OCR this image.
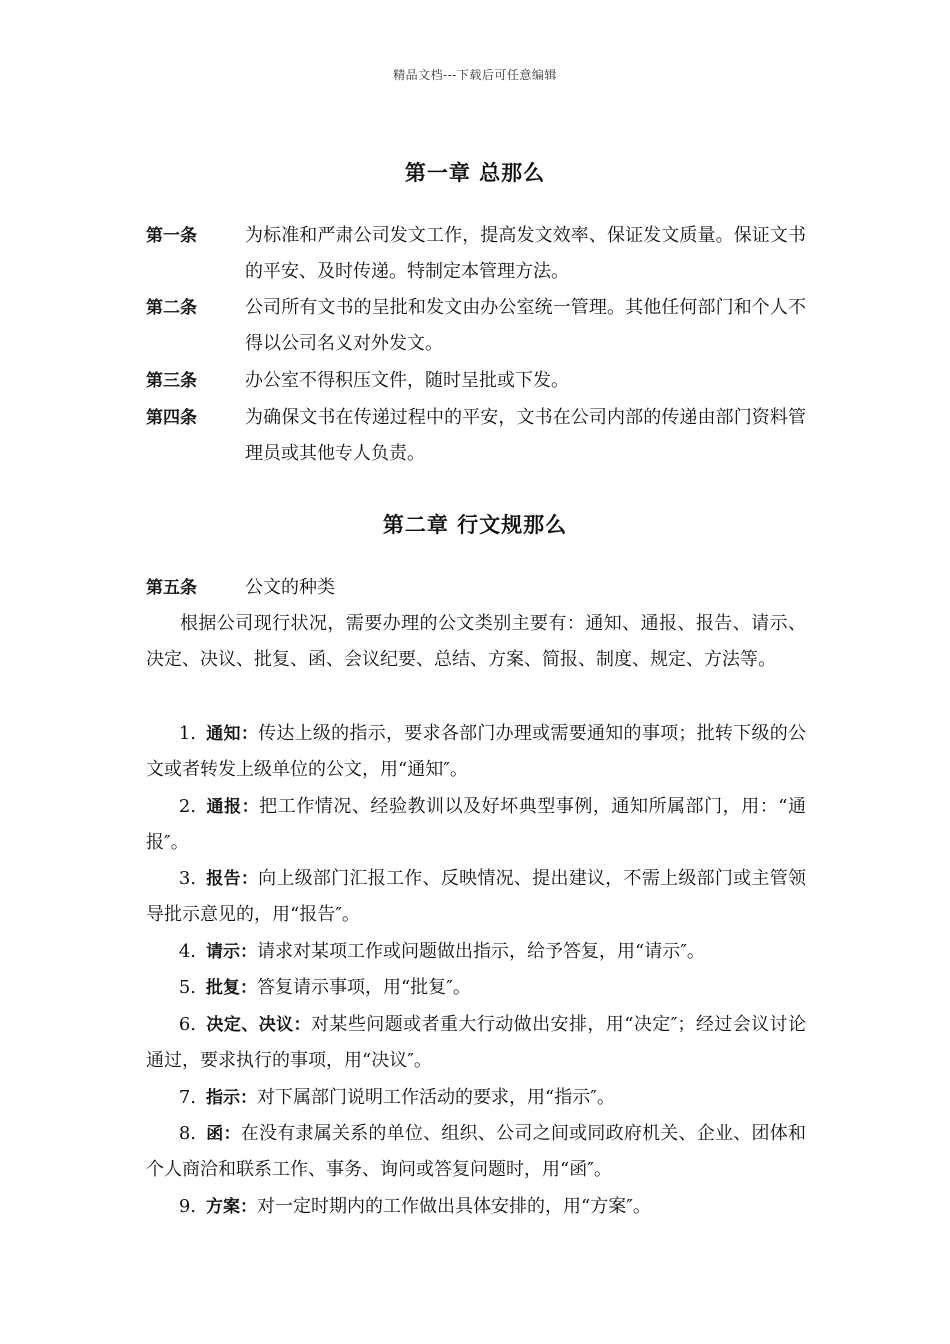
精品文档---下载后可任意编辑
第一章 总那么
第一条	为标准和严肃公司发文工作，提高发文效率、保证发文质量。保证文书的平安、及时传递。特制定本管理方法。
第二条	公司所有文书的呈批和发文由办公室统一管理。其他任何部门和个人不得以公司名义对外发文。
第三条	办公室不得积压文件，随时呈批或下发。
第四条	为确保文书在传递过程中的平安，文书在公司内部的传递由部门资料管理员或其他专人负责。
第二章 行文规那么
第五条	公文的种类
根据公司现行状况，需要办理的公文类别主要有：通知、通报、报告、请示、决定、决议、批复、函、会议纪要、总结、方案、简报、制度、规定、方法等。
1. 通知：传达上级的指示，要求各部门办理或需要通知的事项；批转下级的公文或者转发上级单位的公文，用“通知″。
2. 通报：把工作情况、经验教训以及好坏典型事例，通知所属部门，用：“通报″。
3. 报告：向上级部门汇报工作、反映情况、提出建议，不需上级部门或主管领导批示意见的，用“报告″。
4. 请示：请求对某项工作或问题做出指示，给予答复，用“请示″。
5. 批复：答复请示事项，用“批复″。
6. 决定、决议：对某些问题或者重大行动做出安排，用“决定″；经过会议讨论通过，要求执行的事项，用“决议″。
7. 指示：对下属部门说明工作活动的要求，用“指示″。
8. 函：在没有隶属关系的单位、组织、公司之间或同政府机关、企业、团体和个人商洽和联系工作、事务、询问或答复问题时，用“函″。
9. 方案：对一定时期内的工作做出具体安排的，用“方案″。
